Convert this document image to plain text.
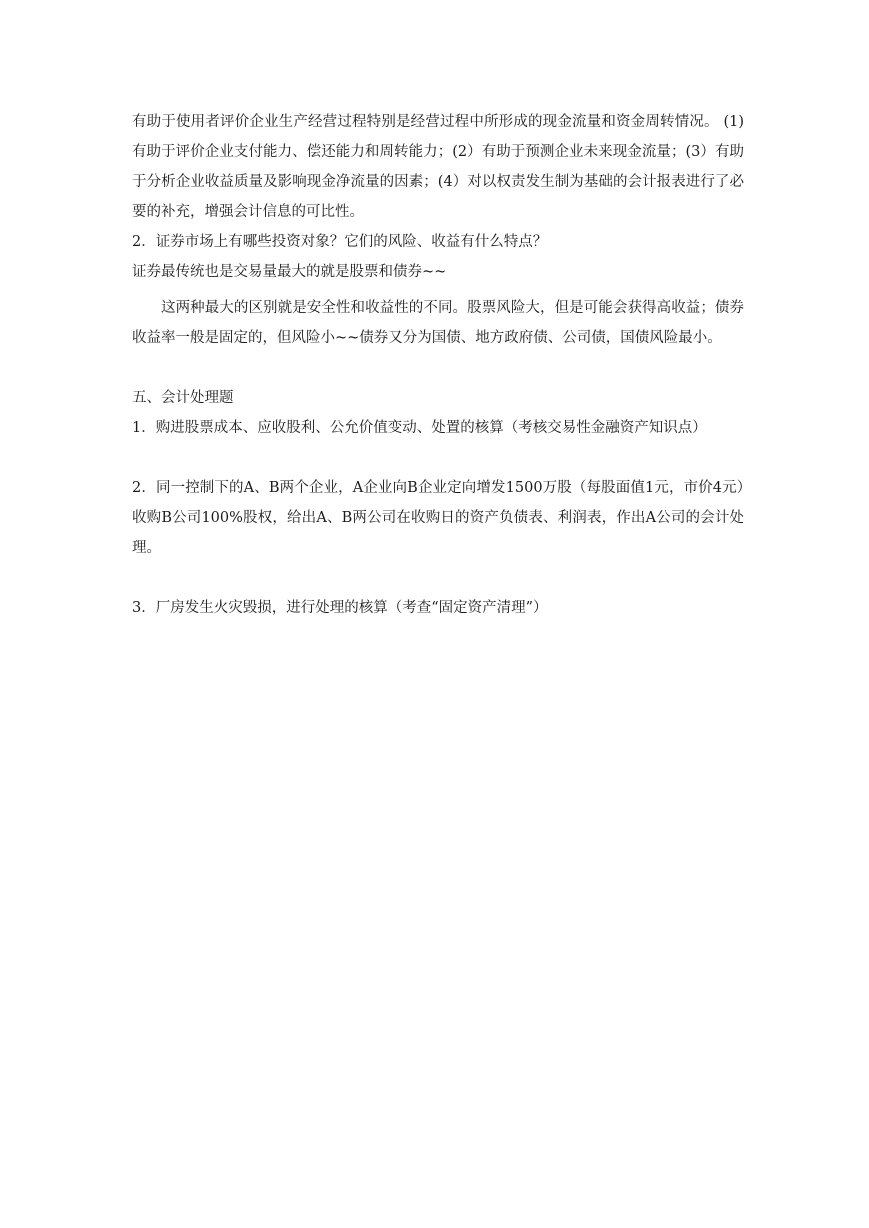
有助于使用者评价企业生产经营过程特别是经营过程中所形成的现金流量和资金周转情况。 (1)有助于评价企业支付能力、偿还能力和周转能力；(2）有助于预测企业未来现金流量；(3）有助于分析企业收益质量及影响现金净流量的因素；(4）对以权责发生制为基础的会计报表进行了必要的补充，增强会计信息的可比性。

2．证券市场上有哪些投资对象？它们的风险、收益有什么特点？

证券最传统也是交易量最大的就是股票和债券~~

这两种最大的区别就是安全性和收益性的不同。股票风险大，但是可能会获得高收益；债券收益率一般是固定的，但风险小~~债券又分为国债、地方政府债、公司债，国债风险最小。

五、会计处理题

1．购进股票成本、应收股利、公允价值变动、处置的核算（考核交易性金融资产知识点）

2．同一控制下的A、B两个企业，A企业向B企业定向增发1500万股（每股面值1元，市价4元）收购B公司100%股权，给出A、B两公司在收购日的资产负债表、利润表，作出A公司的会计处理。

3．厂房发生火灾毁损，进行处理的核算（考查“固定资产清理”）
